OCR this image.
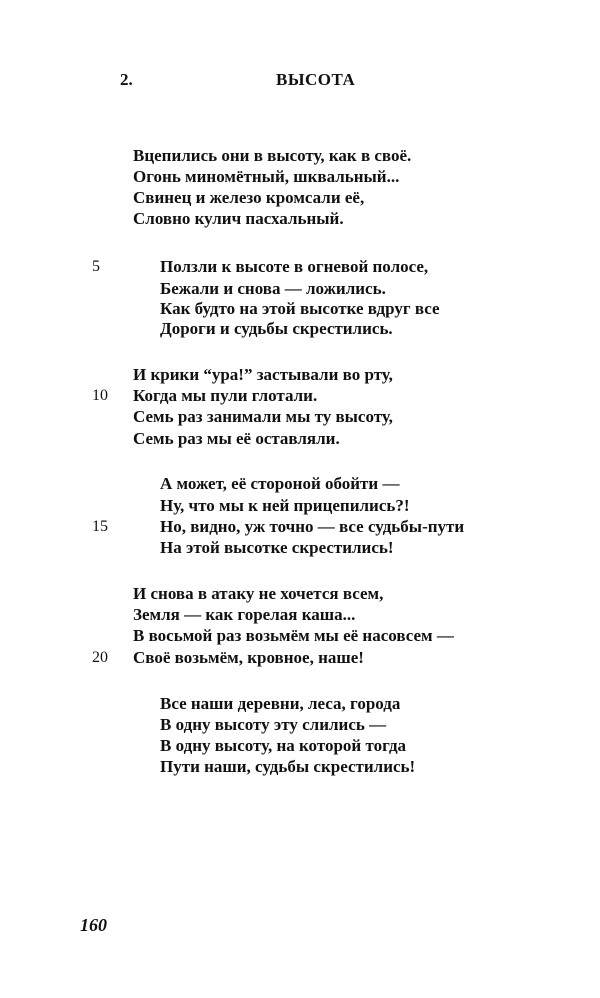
2.	ВЫСОТА
Вцепились они в высоту, как в своё.
Огонь миномётный, шквальный...
Свинец и железо кромсали её,
Словно кулич пасхальный.
5	Ползли к высоте в огневой полосе,
Бежали и снова — ложились.
Как будто на этой высотке вдруг все
Дороги и судьбы скрестились.
И крики “ура!” застывали во рту,
10 Когда мы пули глотали.
Семь раз занимали мы ту высоту,
Семь раз мы её оставляли.
А может, её стороной обойти —
Ну, что мы к ней прицепились?!
15	Но, видно, уж точно — все судьбы-пути
На этой высотке скрестились!
И снова в атаку не хочется всем,
Земля — как горелая каша...
В восьмой раз возьмём мы её насовсем —
20 Своё возьмём, кровное, наше!
Все наши деревни, леса, города
В одну высоту эту слились —
В одну высоту, на которой тогда
Пути наши, судьбы скрестились!
160
